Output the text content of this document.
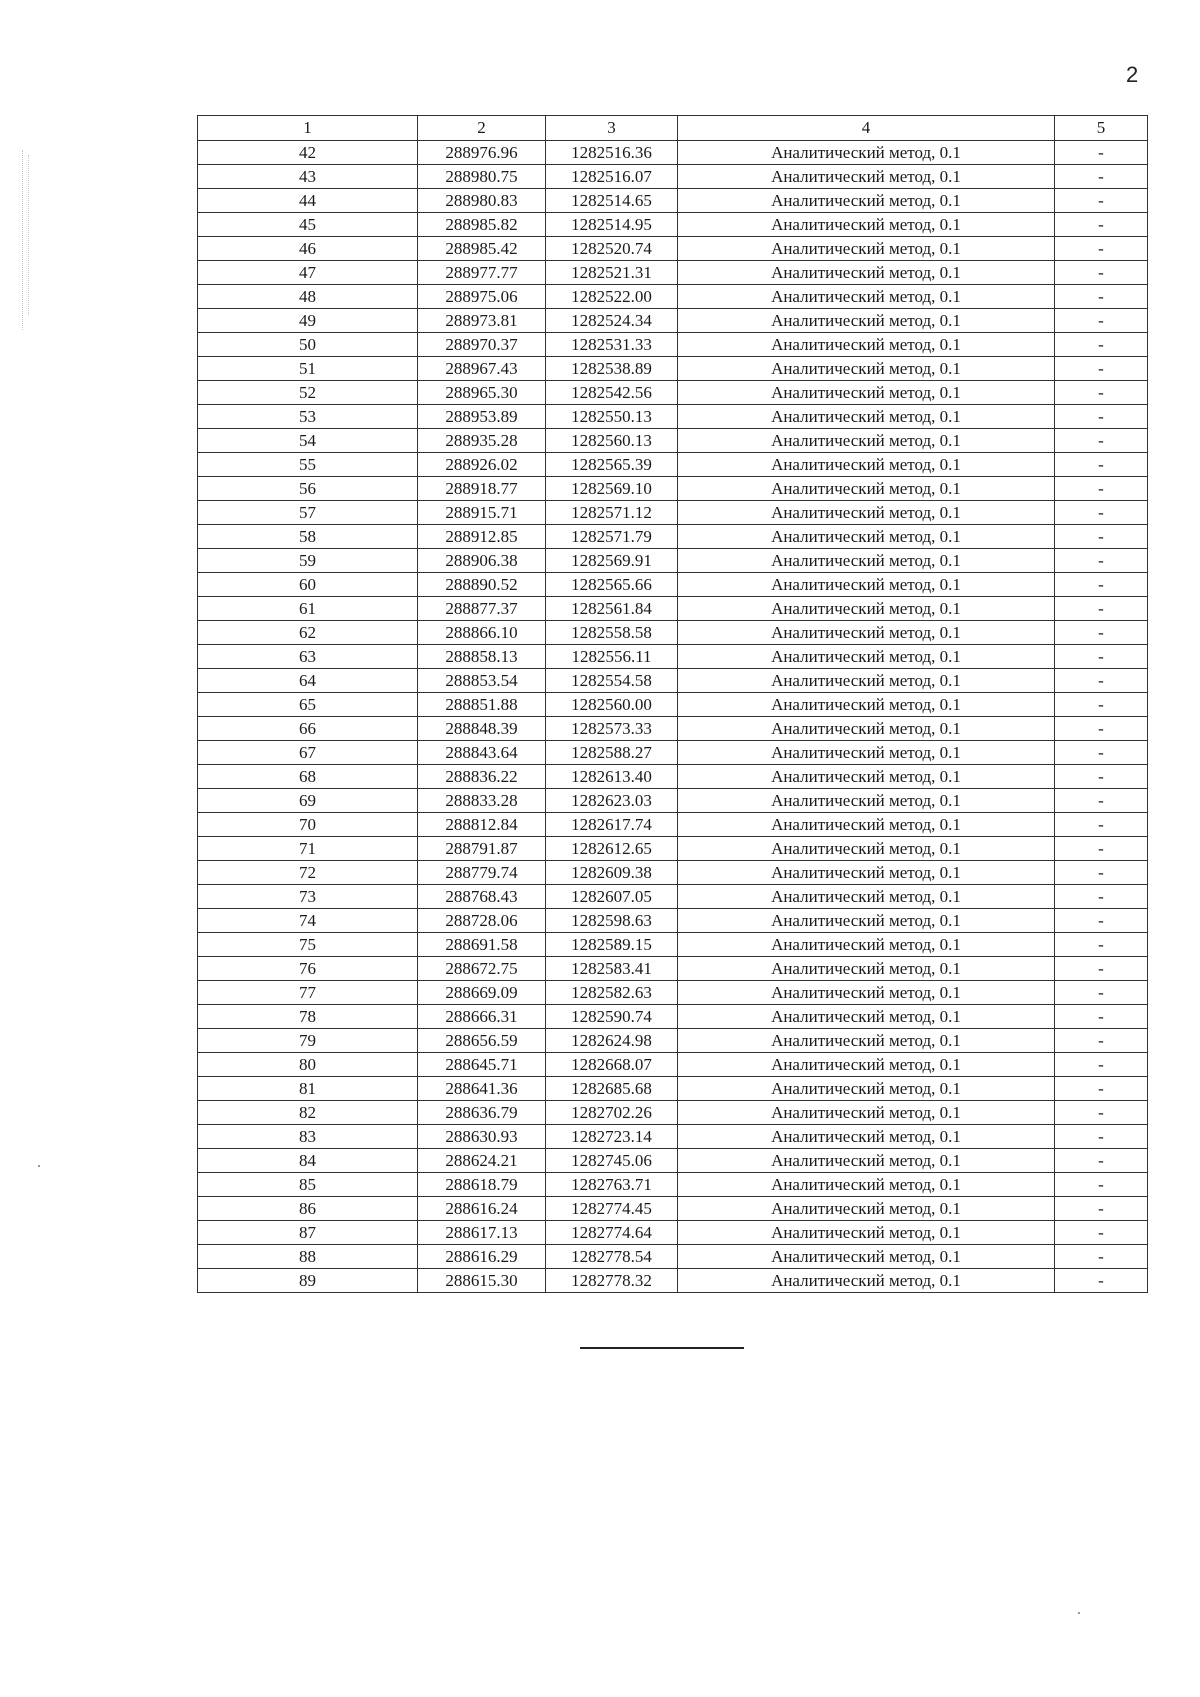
2
1	2	3	4	5
42	288976.96	1282516.36	Аналитический метод, 0.1	-
43	288980.75	1282516.07	Аналитический метод, 0.1	-
44	288980.83	1282514.65	Аналитический метод, 0.1	-
45	288985.82	1282514.95	Аналитический метод, 0.1	-
46	288985.42	1282520.74	Аналитический метод, 0.1	-
47	288977.77	1282521.31	Аналитический метод, 0.1	-
48	288975.06	1282522.00	Аналитический метод, 0.1	-
49	288973.81	1282524.34	Аналитический метод, 0.1	-
50	288970.37	1282531.33	Аналитический метод, 0.1	-
51	288967.43	1282538.89	Аналитический метод, 0.1	-
52	288965.30	1282542.56	Аналитический метод, 0.1	-
53	288953.89	1282550.13	Аналитический метод, 0.1	-
54	288935.28	1282560.13	Аналитический метод, 0.1	-
55	288926.02	1282565.39	Аналитический метод, 0.1	-
56	288918.77	1282569.10	Аналитический метод, 0.1	-
57	288915.71	1282571.12	Аналитический метод, 0.1	-
58	288912.85	1282571.79	Аналитический метод, 0.1	-
59	288906.38	1282569.91	Аналитический метод, 0.1	-
60	288890.52	1282565.66	Аналитический метод, 0.1	-
61	288877.37	1282561.84	Аналитический метод, 0.1	-
62	288866.10	1282558.58	Аналитический метод, 0.1	-
63	288858.13	1282556.11	Аналитический метод, 0.1	-
64	288853.54	1282554.58	Аналитический метод, 0.1	-
65	288851.88	1282560.00	Аналитический метод, 0.1	-
66	288848.39	1282573.33	Аналитический метод, 0.1	-
67	288843.64	1282588.27	Аналитический метод, 0.1	-
68	288836.22	1282613.40	Аналитический метод, 0.1	-
69	288833.28	1282623.03	Аналитический метод, 0.1	-
70	288812.84	1282617.74	Аналитический метод, 0.1	-
71	288791.87	1282612.65	Аналитический метод, 0.1	-
72	288779.74	1282609.38	Аналитический метод, 0.1	-
73	288768.43	1282607.05	Аналитический метод, 0.1	-
74	288728.06	1282598.63	Аналитический метод, 0.1	-
75	288691.58	1282589.15	Аналитический метод, 0.1	-
76	288672.75	1282583.41	Аналитический метод, 0.1	-
77	288669.09	1282582.63	Аналитический метод, 0.1	-
78	288666.31	1282590.74	Аналитический метод, 0.1	-
79	288656.59	1282624.98	Аналитический метод, 0.1	-
80	288645.71	1282668.07	Аналитический метод, 0.1	-
81	288641.36	1282685.68	Аналитический метод, 0.1	-
82	288636.79	1282702.26	Аналитический метод, 0.1	-
83	288630.93	1282723.14	Аналитический метод, 0.1	-
84	288624.21	1282745.06	Аналитический метод, 0.1	-
85	288618.79	1282763.71	Аналитический метод, 0.1	-
86	288616.24	1282774.45	Аналитический метод, 0.1	-
87	288617.13	1282774.64	Аналитический метод, 0.1	-
88	288616.29	1282778.54	Аналитический метод, 0.1	-
89	288615.30	1282778.32	Аналитический метод, 0.1	-
